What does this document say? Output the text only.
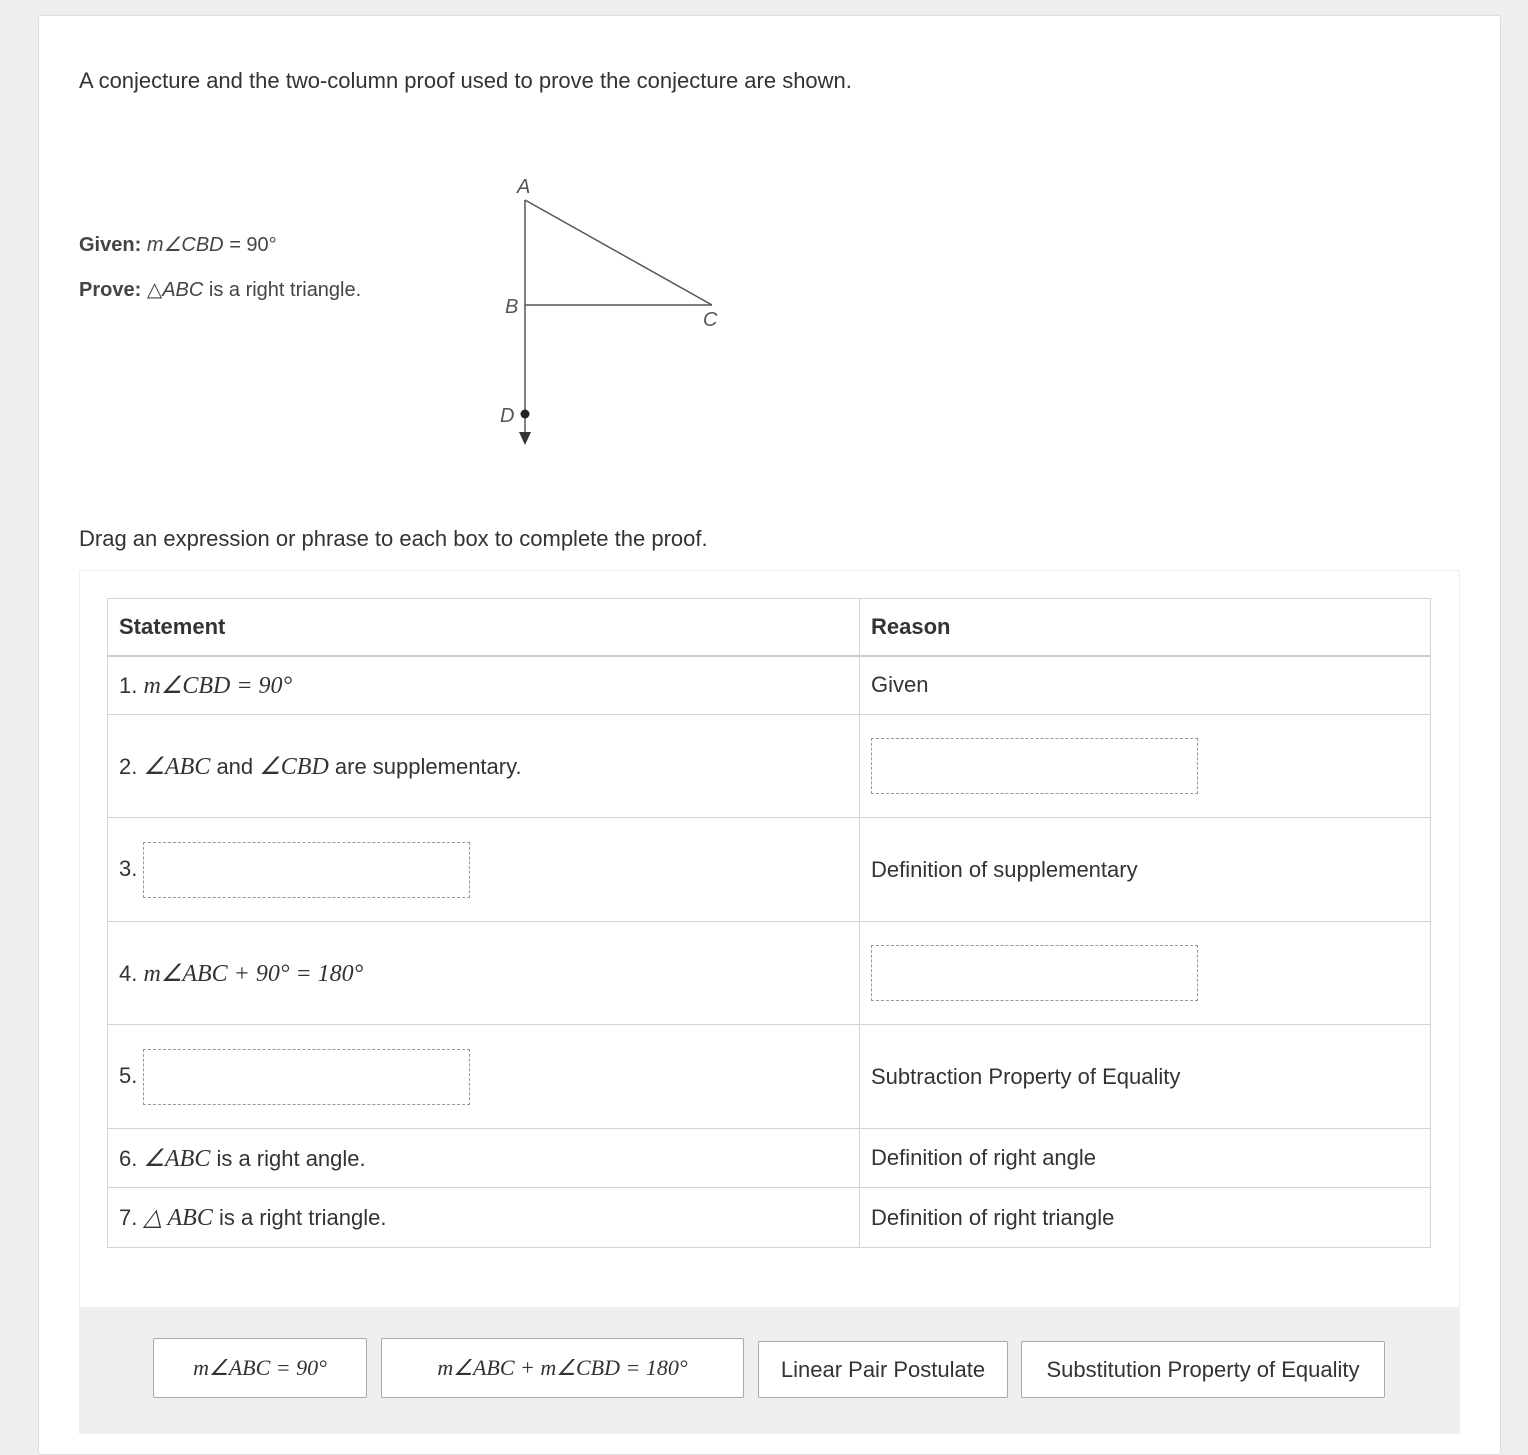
A conjecture and the two-column proof used to prove the conjecture are shown.
Given: m∠CBD = 90°
Prove: △ABC is a right triangle.
A
B
C
D
Drag an expression or phrase to each box to complete the proof.
Statement	Reason
1. m∠CBD = 90°	Given
2. ∠ABC and ∠CBD are supplementary.	
3.	Definition of supplementary
4. m∠ABC + 90° = 180°	
5.	Subtraction Property of Equality
6. ∠ABC is a right angle.	Definition of right angle
7. △ ABC is a right triangle.	Definition of right triangle
m∠ABC = 90°	m∠ABC + m∠CBD = 180°	Linear Pair Postulate	Substitution Property of Equality
